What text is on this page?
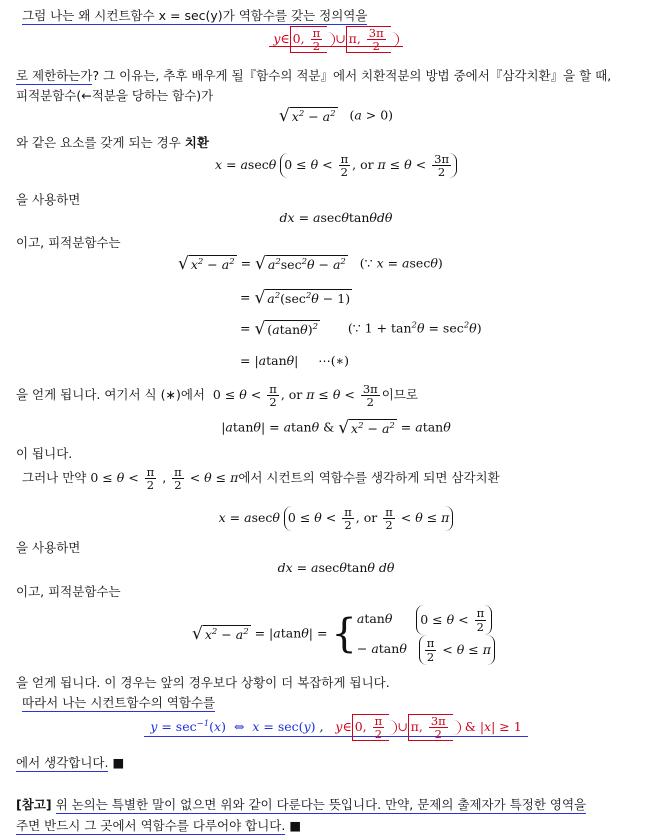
그럼 나는 왜 시컨트함수 x = sec(y)가 역함수를 갖는 정의역을
y∈ 0, $\frac{\pi}{2}$ ∪ π, $\frac{3\pi}{2}$

로 제한하는가? 그 이유는, 추후 배우게 될『함수의 적분』에서 치환적분의 방법 중에서『삼각치환』을 할 때,
피적분함수(←적분을 당하는 함수)가
√ $x^2 - a^2$ (a > 0)
와 같은 요소를 갖게 되는 경우 치환
x = asecθ $0 \le \theta < \frac{\pi}{2}$ , or $\pi \le \theta < \frac{3\pi}{2}$
을 사용하면
dx = asecθtanθdθ
이고, 피적분함수는
√ $x^2 - a^2$ = √ $a^2\sec^2\theta - a^2$ (∵ x = asecθ)
= √ $a^2(\sec^2\theta - 1)$
= √ $(atan\theta)^2$ (∵ $1 + \tan^2\theta = \sec^2\theta$)
= |atanθ|     ⋯(∗)
을 얻게 됩니다. 여기서 식 (∗)에서 $0 \le \theta < \frac{\pi}{2}$ , or $\pi \le \theta < \frac{3\pi}{2}$ 이므로
|atanθ| = atanθ & √ $x^2 - a^2 = atan\theta$
이 됩니다.
그러나 만약 $0 \le \theta < \frac{\pi}{2}$ , $\frac{\pi}{2} < \theta \le \pi$에서 시컨트의 역함수를 생각하게 되면 삼각치환
x = asecθ $0 \le \theta < \frac{\pi}{2}$ , or $\frac{\pi}{2} < \theta \le \pi$
을 사용하면
dx = asecθtanθ dθ
이고, 피적분함수는
√ $x^2 - a^2 = |atan\theta|$ = { atanθ      $0 \le \theta < \frac{\pi}{2}$
− atanθ $\frac{\pi}{2} < \theta \le \pi$
을 얻게 됩니다. 이 경우는 앞의 경우보다 상황이 더 복잡하게 됩니다.
따라서 나는 시컨트함수의 역함수를
$y = \sec^{-1}(x)$ ⇔  x = sec(y) ,   y∈ 0, $\frac{\pi}{2}$ ∪ π, $\frac{3\pi}{2}$ & |x| ≥ 1
에서 생각합니다. ■
[참고] 위 논의는 특별한 말이 없으면 위와 같이 다룬다는 뜻입니다. 만약, 문제의 출제자가 특정한 영역을
주면 반드시 그 곳에서 역함수를 다루어야 합니다. ■
